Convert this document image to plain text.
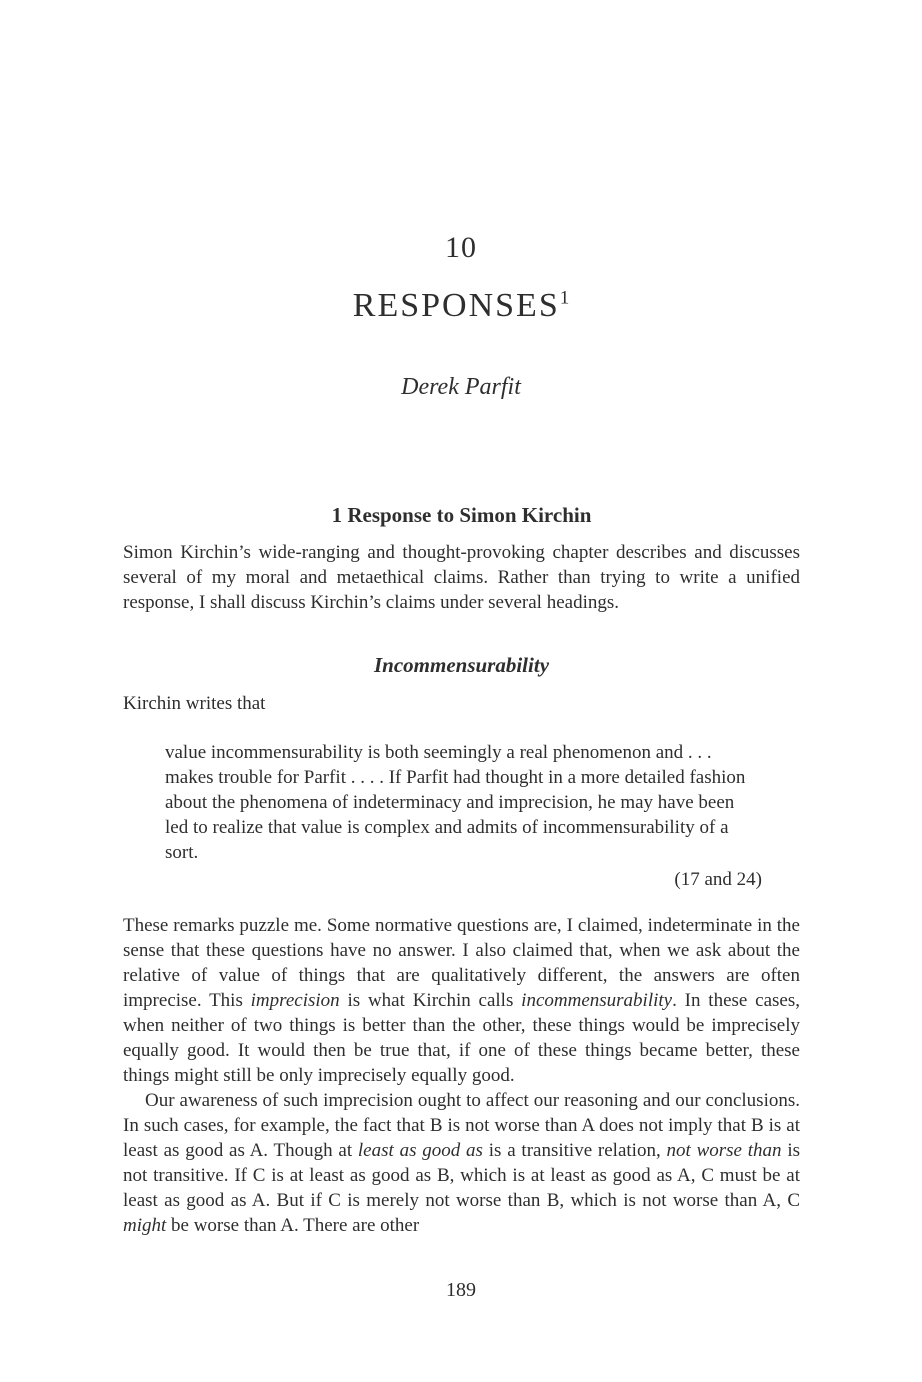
10
RESPONSES$^1$
Derek Parfit
1 Response to Simon Kirchin

Simon Kirchin’s wide-ranging and thought-provoking chapter describes and discusses several of my moral and metaethical claims. Rather than trying to write a unified response, I shall discuss Kirchin’s claims under several headings.

Incommensurability

Kirchin writes that

value incommensurability is both seemingly a real phenomenon and . . . makes trouble for Parfit . . . . If Parfit had thought in a more detailed fashion about the phenomena of indeterminacy and imprecision, he may have been led to realize that value is complex and admits of incommensurability of a sort.

(17 and 24)

These remarks puzzle me. Some normative questions are, I claimed, indeterminate in the sense that these questions have no answer. I also claimed that, when we ask about the relative of value of things that are qualitatively different, the answers are often imprecise. This imprecision is what Kirchin calls incommensurability. In these cases, when neither of two things is better than the other, these things would be imprecisely equally good. It would then be true that, if one of these things became better, these things might still be only imprecisely equally good.

Our awareness of such imprecision ought to affect our reasoning and our conclusions. In such cases, for example, the fact that B is not worse than A does not imply that B is at least as good as A. Though at least as good as is a transitive relation, not worse than is not transitive. If C is at least as good as B, which is at least as good as A, C must be at least as good as A. But if C is merely not worse than B, which is not worse than A, C might be worse than A. There are other

189
